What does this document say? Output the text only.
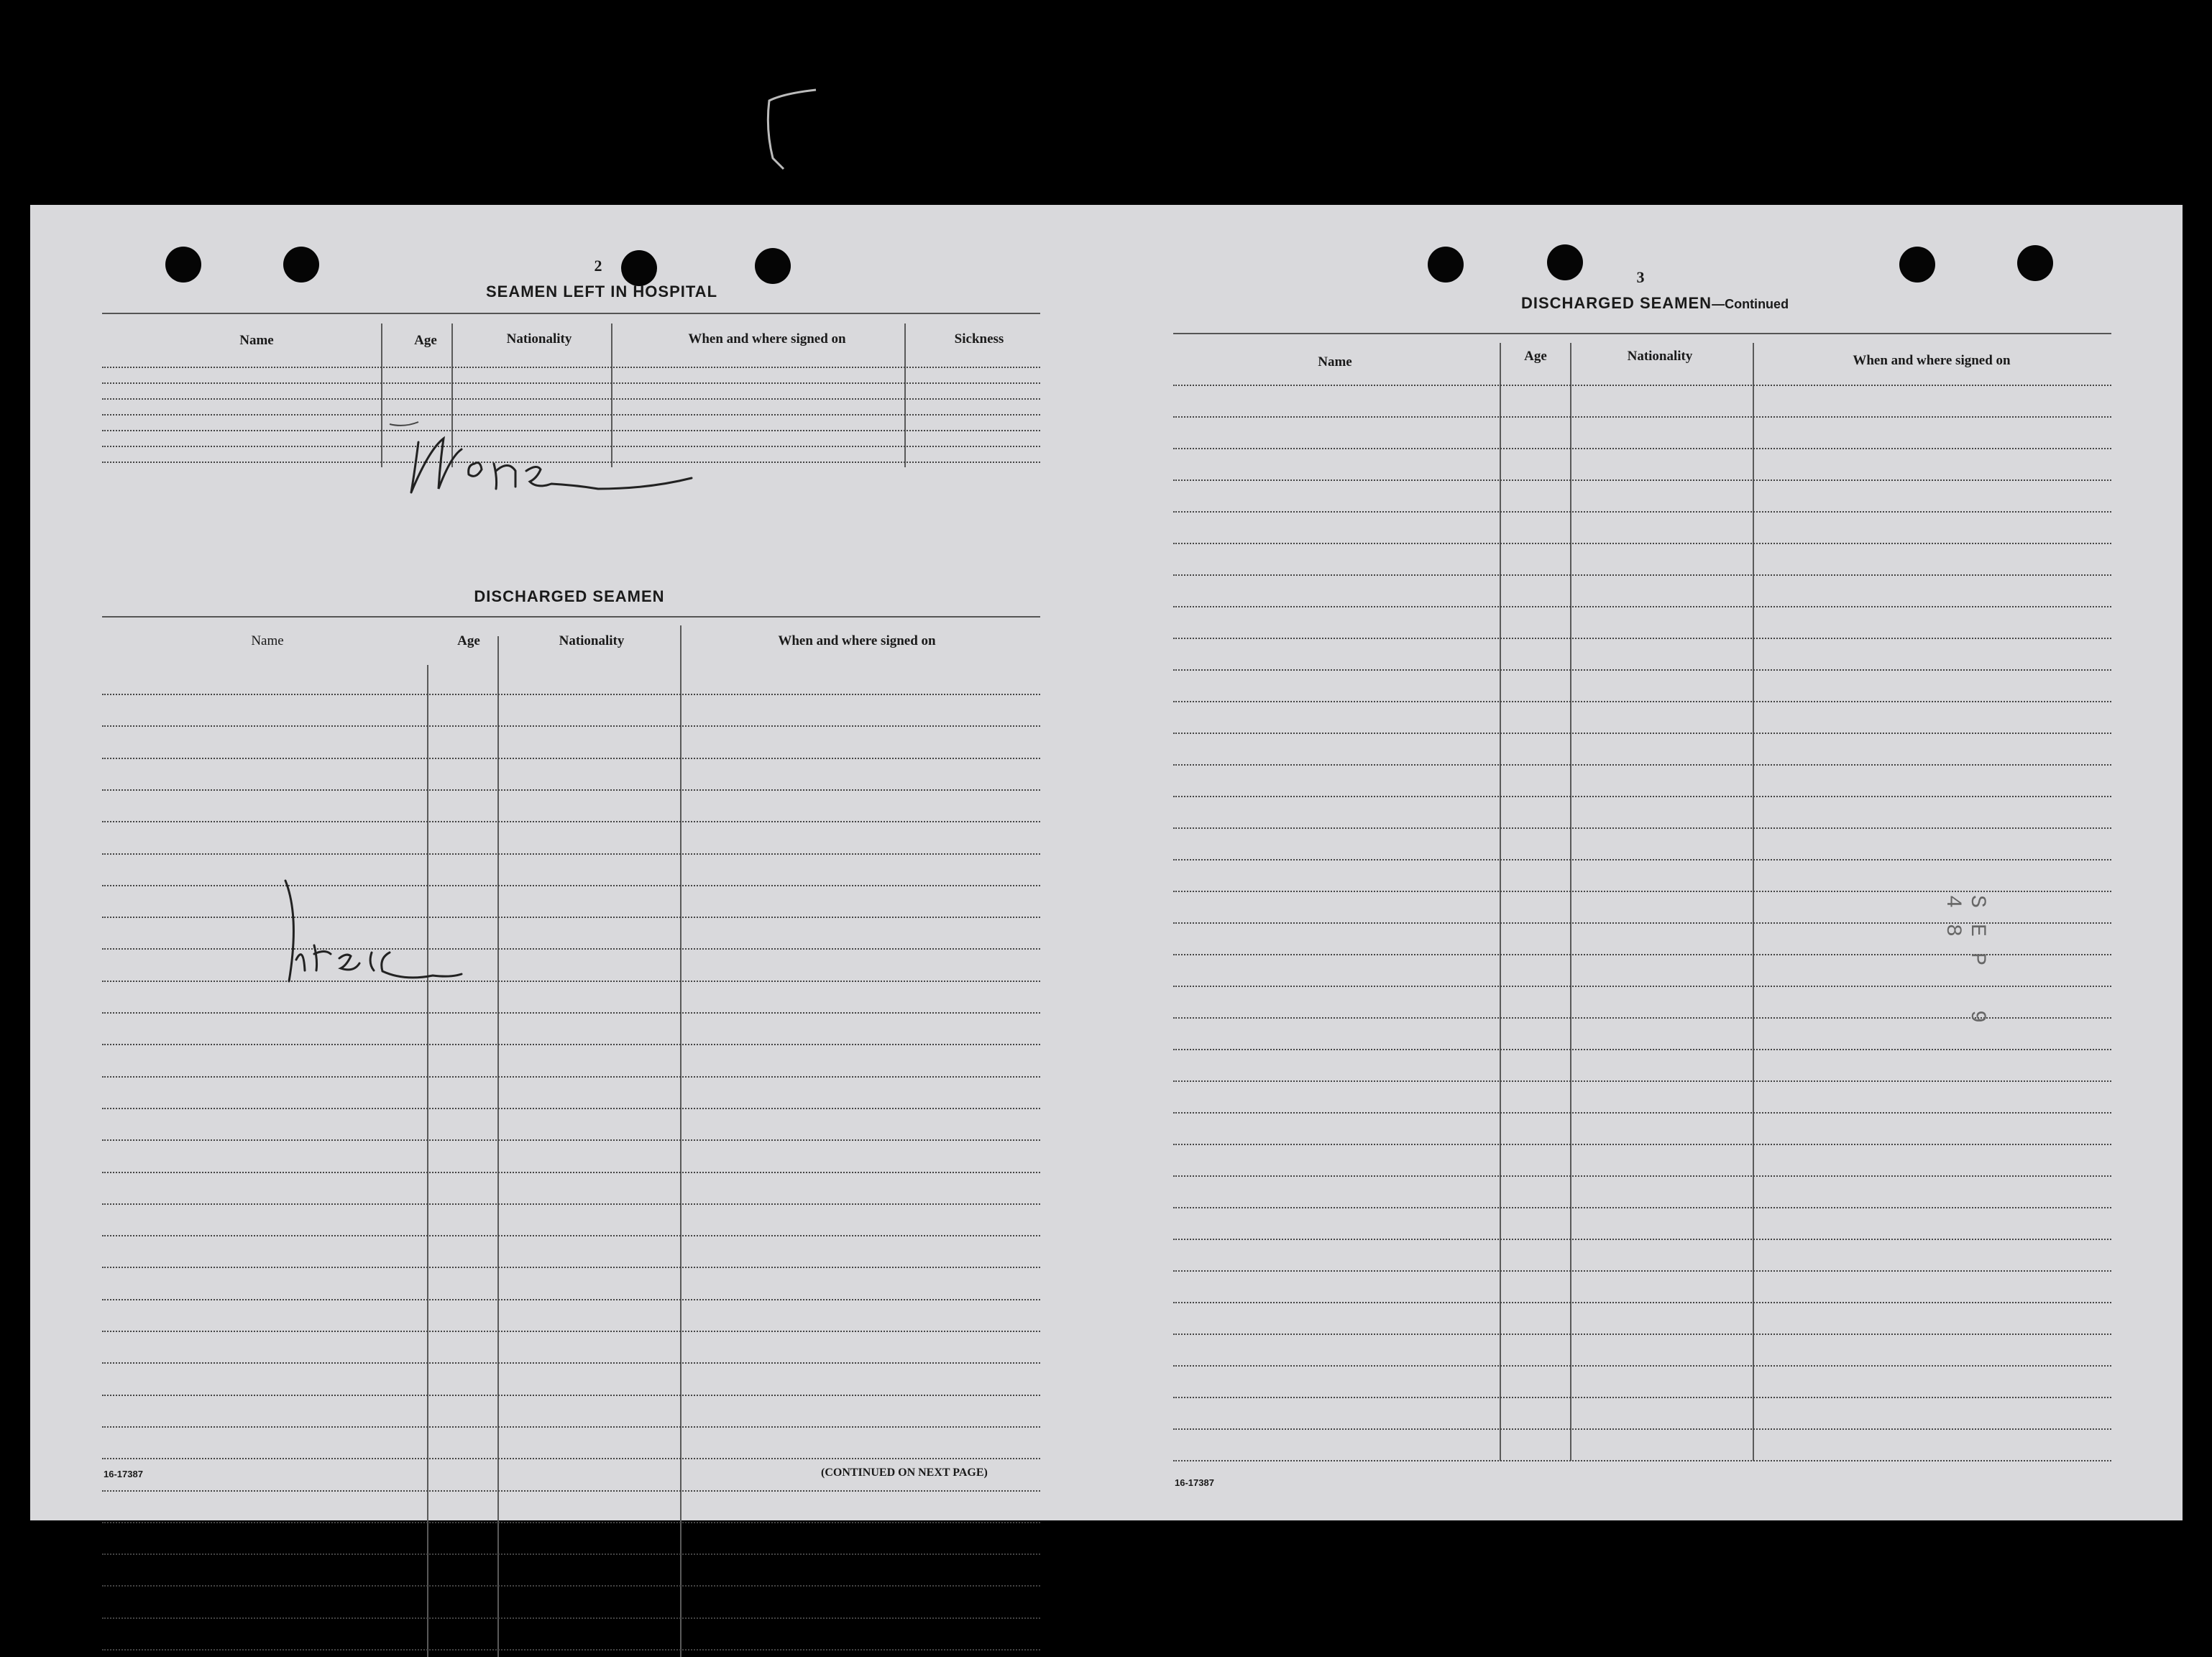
2
SEAMEN LEFT IN HOSPITAL
Name	Age	Nationality	When and where signed on	Sickness
DISCHARGED SEAMEN
Name	Age	Nationality	When and where signed on
16-17387	(CONTINUED ON NEXT PAGE)
3
DISCHARGED SEAMEN—Continued
Name	Age	Nationality	When and where signed on
SEP 9 48
16-17387
